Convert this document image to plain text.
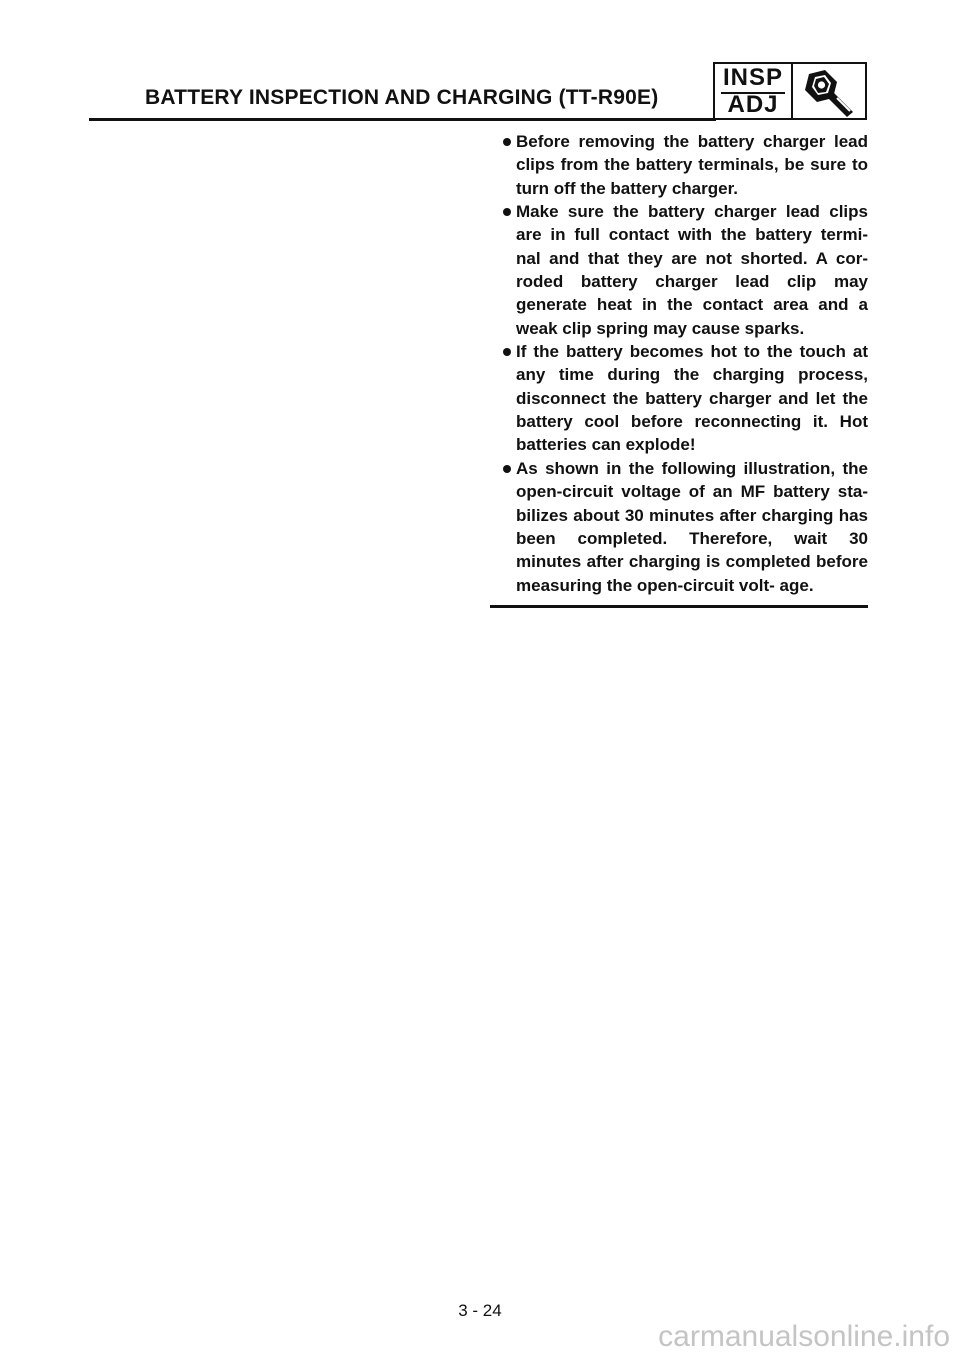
BATTERY INSPECTION AND CHARGING (TT-R90E)
INSP
ADJ
Before removing the battery charger lead clips from the battery terminals, be sure to turn off the battery charger.
Make sure the battery charger lead clips are in full contact with the battery termi- nal and that they are not shorted. A cor- roded battery charger lead clip may generate heat in the contact area and a weak clip spring may cause sparks.
If the battery becomes hot to the touch at any time during the charging process, disconnect the battery charger and let the battery cool before reconnecting it. Hot batteries can explode!
As shown in the following illustration, the open-circuit voltage of an MF battery sta- bilizes about 30 minutes after charging has been completed. Therefore, wait 30 minutes after charging is completed before measuring the open-circuit volt- age.
3 - 24
carmanualsonline.info
